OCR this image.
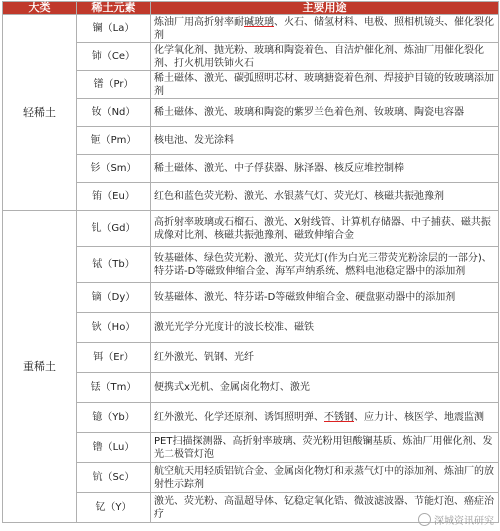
大类	稀土元素	主要用途
轻稀土	镧（La）	炼油厂用高折射率耐碱玻璃、火石、储氢材料、电极、照相机镜头、催化裂化剂
	铈（Ce）	化学氧化剂、抛光粉、玻璃和陶瓷着色、自洁炉催化剂、炼油厂用催化裂化剂、打火机用铁铈火石
	镨（Pr）	稀土磁体、激光、碳弧照明芯材、玻璃搪瓷着色剂、焊接护目镜的钕玻璃添加剂
	钕（Nd）	稀土磁体、激光、玻璃和陶瓷的紫罗兰色着色剂、钕玻璃、陶瓷电容器
	钷（Pm）	核电池、发光涂料
	钐（Sm）	稀土磁体、激光、中子俘获器、脉泽器、核反应堆控制棒
	铕（Eu）	红色和蓝色荧光粉、激光、水银蒸气灯、荧光灯、核磁共振弛豫剂
重稀土	钆（Gd）	高折射率玻璃或石榴石、激光、X射线管、计算机存储器、中子捕获、磁共振成像对比剂、核磁共振弛豫剂、磁致伸缩合金
	铽（Tb）	钕基磁体、绿色荧光粉、激光、荧光灯(作为白光三带荧光粉涂层的一部分)、特芬诺-D等磁致伸缩合金、海军声纳系统、燃料电池稳定器中的添加剂
	镝（Dy）	钕基磁体、激光、特芬诺-D等磁致伸缩合金、硬盘驱动器中的添加剂
	钬（Ho）	激光光学分光度计的波长校准、磁铁
	铒（Er）	红外激光、钒钢、光纤
	铥（Tm）	便携式x光机、金属卤化物灯、激光
	镱（Yb）	红外激光、化学还原剂、诱饵照明弹、不锈钢、应力计、核医学、地震监测
	镥（Lu）	PET扫描探测器、高折射率玻璃、荧光粉用钽酸镧基质、炼油厂用催化剂、发光二极管灯泡
	钪（Sc）	航空航天用轻质铝钪合金、金属卤化物灯和汞蒸气灯中的添加剂、炼油厂的放射性示踪剂
	钇（Y）	激光、荧光粉、高温超导体、钇稳定氧化锆、微波滤波器、节能灯泡、癌症治疗
深城资讯研究
